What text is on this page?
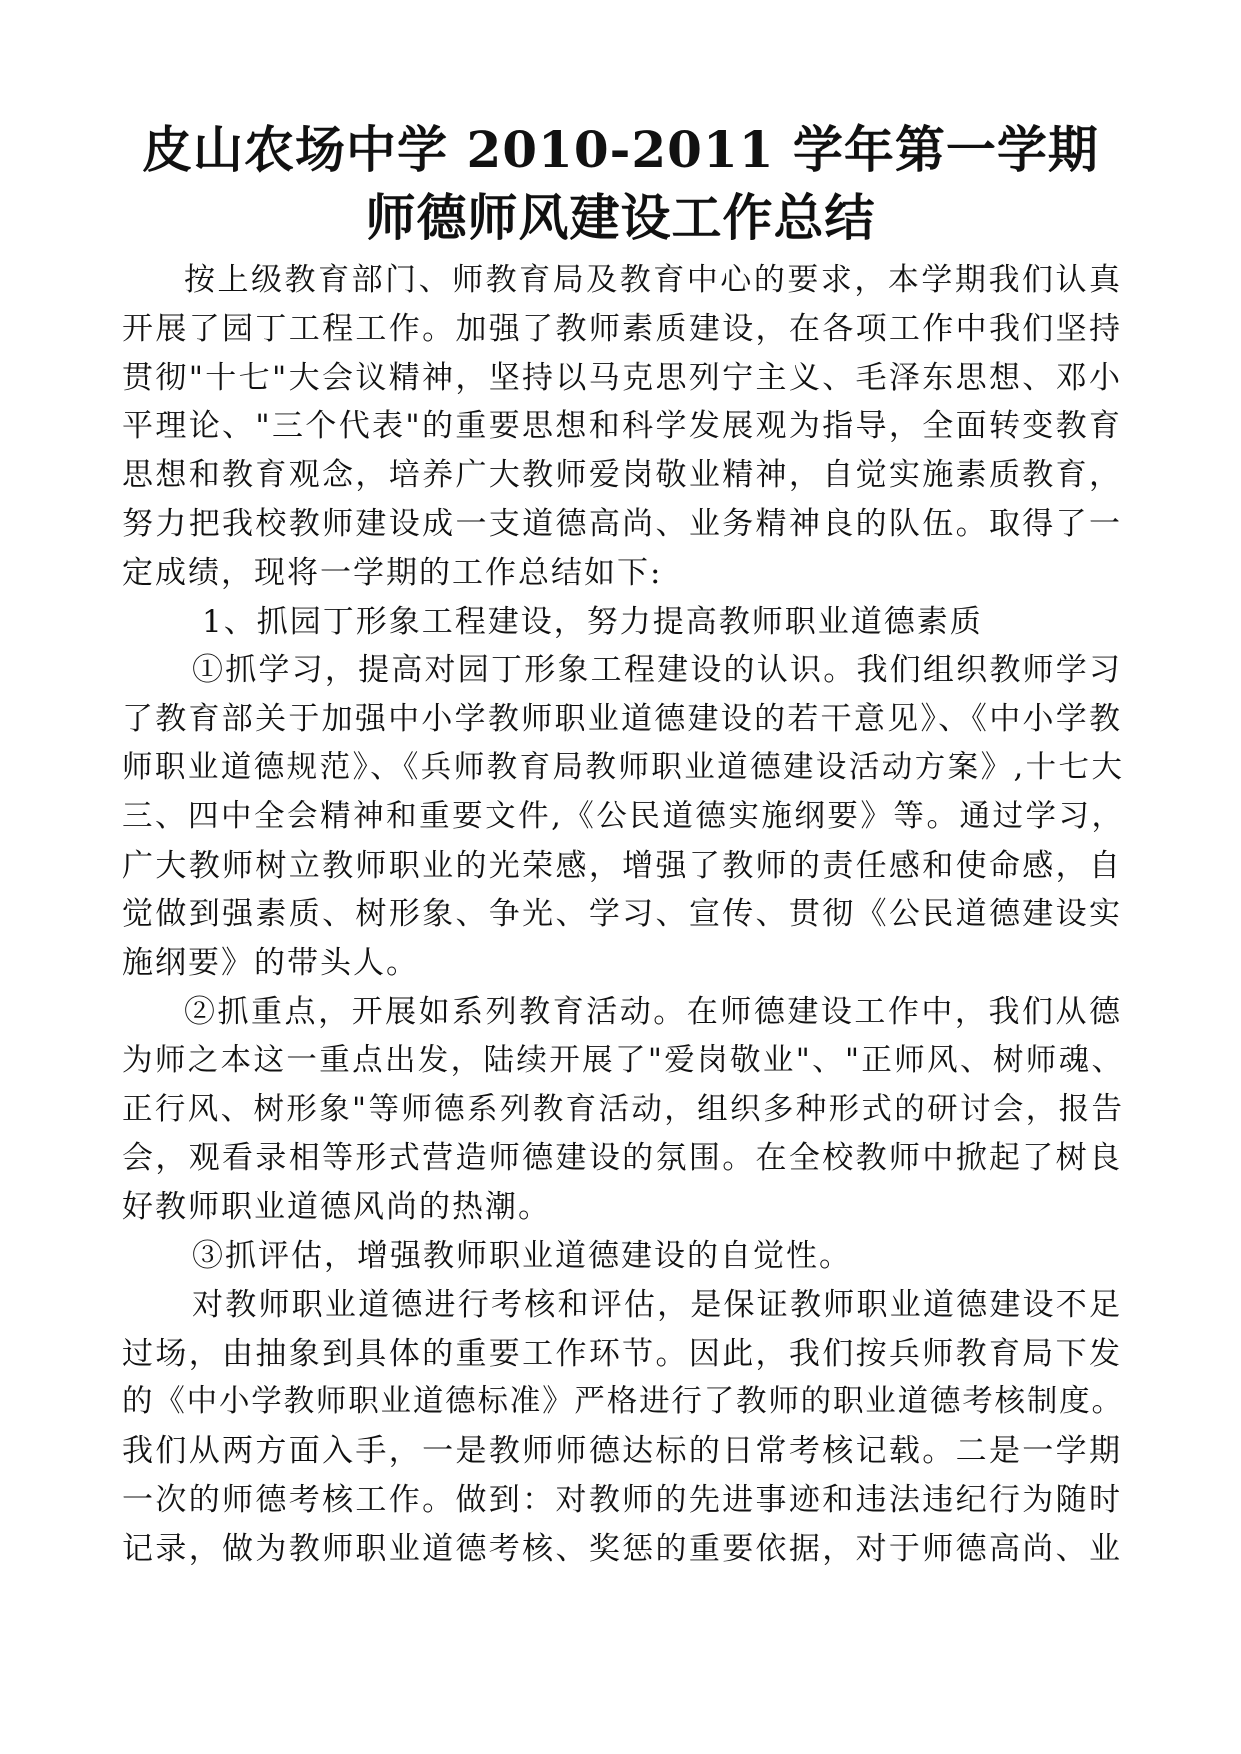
皮山农场中学 2010-2011 学年第一学期
师德师风建设工作总结
按上级教育部门、师教育局及教育中心的要求，本学期我们认真
开展了园丁工程工作。加强了教师素质建设，在各项工作中我们坚持
贯彻"十七"大会议精神，坚持以马克思列宁主义、毛泽东思想、邓小
平理论、"三个代表"的重要思想和科学发展观为指导，全面转变教育
思想和教育观念，培养广大教师爱岗敬业精神，自觉实施素质教育，
努力把我校教师建设成一支道德高尚、业务精神良的队伍。取得了一
定成绩，现将一学期的工作总结如下:
1、抓园丁形象工程建设，努力提高教师职业道德素质
①抓学习，提高对园丁形象工程建设的认识。我们组织教师学习
了教育部关于加强中小学教师职业道德建设的若干意见》、《中小学教
师职业道德规范》、《兵师教育局教师职业道德建设活动方案》,十七大
三、四中全会精神和重要文件,《公民道德实施纲要》等。通过学习，
广大教师树立教师职业的光荣感，增强了教师的责任感和使命感，自
觉做到强素质、树形象、争光、学习、宣传、贯彻《公民道德建设实
施纲要》的带头人。
②抓重点，开展如系列教育活动。在师德建设工作中，我们从德
为师之本这一重点出发，陆续开展了"爱岗敬业"、"正师风、树师魂、
正行风、树形象"等师德系列教育活动，组织多种形式的研讨会，报告
会，观看录相等形式营造师德建设的氛围。在全校教师中掀起了树良
好教师职业道德风尚的热潮。
③抓评估，增强教师职业道德建设的自觉性。
对教师职业道德进行考核和评估，是保证教师职业道德建设不足
过场，由抽象到具体的重要工作环节。因此，我们按兵师教育局下发
的《中小学教师职业道德标准》严格进行了教师的职业道德考核制度。
我们从两方面入手，一是教师师德达标的日常考核记载。二是一学期
一次的师德考核工作。做到：对教师的先进事迹和违法违纪行为随时
记录，做为教师职业道德考核、奖惩的重要依据，对于师德高尚、业
